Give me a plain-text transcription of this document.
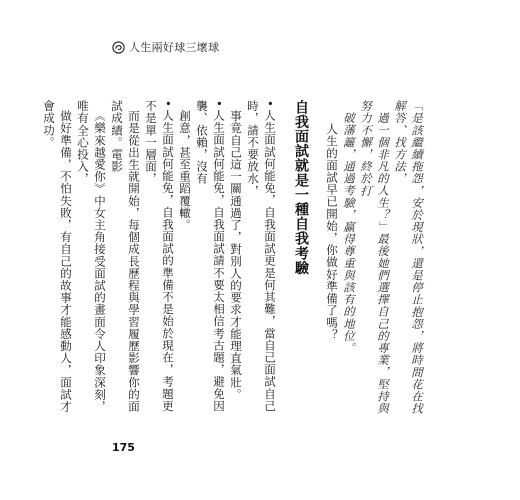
人生兩好球三壞球

「是該繼續拖怨，安於現狀，還是停止抱怨，將時間花在找解答、找方法，

過一個非凡的人生？」最後她們選擇自己的專業，堅持與努力不懈，終於打

破藩籬，通過考驗，贏得尊重與該有的地位。

人生的面試早已開始，你做好準備了嗎？

自我面試就是一種自我考驗

•人生面試何能免，自我面試更是何其難，當自己面試自己時，請不要放水，

事竟自己這一關通過了，對別人的要求才能理直氣壯。

•人生面試何能免，自我面試請不要太相信考古題，避免因襲、依賴，沒有

創意，甚至重蹈覆轍。

•人生面試何能免，自我面試的準備不是始於現在，考題更不是單一層面，

而是從出生就開始，每個成長歷程與學習履歷影響你的面試成績。電影

《樂來越愛你》中女主角接受面試的畫面令人印象深刻，唯有全心投入，

做好準備，不怕失敗，有自己的故事才能感動人，面試才會成功。

175
